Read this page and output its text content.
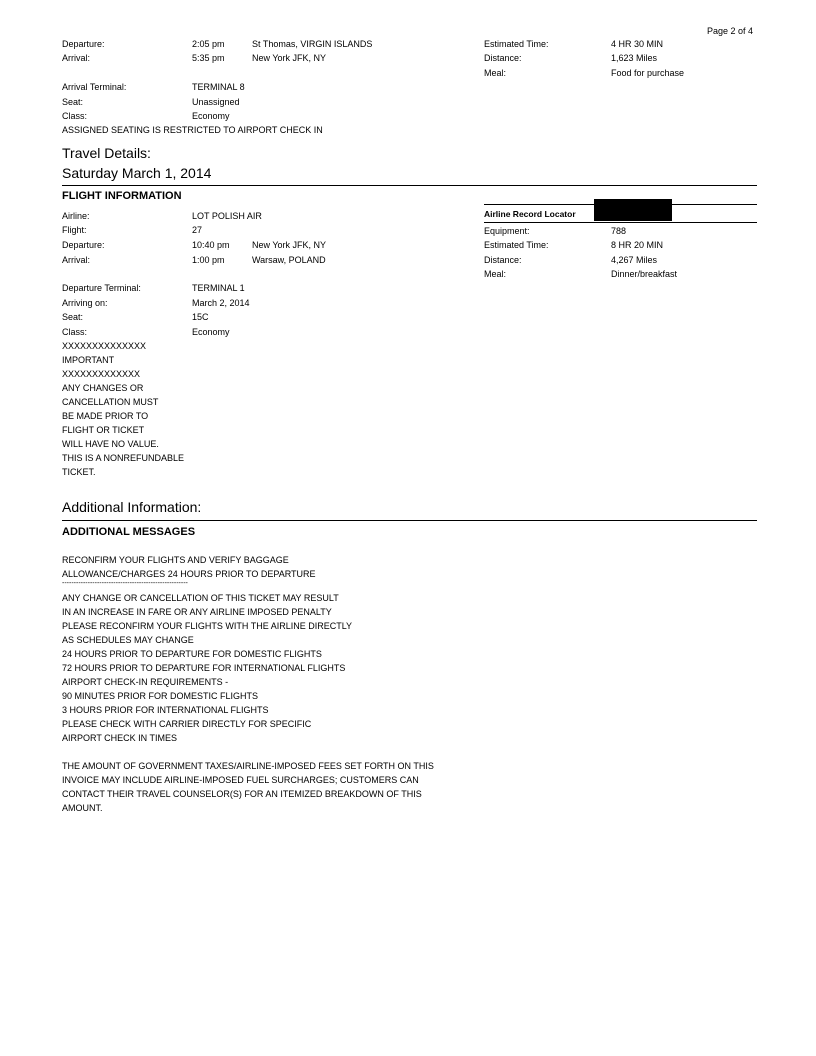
Page 2 of 4
Departure:	2:05 pm	St Thomas, VIRGIN ISLANDS
Arrival:	5:35 pm	New York JFK, NY
Estimated Time:	4 HR 30 MIN
Distance:	1,623 Miles
Meal:	Food for purchase
Arrival Terminal:	TERMINAL 8
Seat:	Unassigned
Class:	Economy
ASSIGNED SEATING IS RESTRICTED TO AIRPORT CHECK IN
Travel Details:
Saturday March 1, 2014
FLIGHT INFORMATION
Airline:	LOT POLISH AIR
Flight:	27
Departure:	10:40 pm New York JFK, NY
Arrival:	1:00 pm	Warsaw, POLAND
Airline Record Locator
Equipment:	788
Estimated Time:	8 HR 20 MIN
Distance:	4,267 Miles
Meal:	Dinner/breakfast
Departure Terminal:	TERMINAL 1
Arriving on:	March 2, 2014
Seat:	15C
Class:	Economy
XXXXXXXXXXXXXX
IMPORTANT
XXXXXXXXXXXXX
ANY CHANGES OR
CANCELLATION MUST
BE MADE PRIOR TO
FLIGHT OR TICKET
WILL HAVE NO VALUE.
THIS IS A NONREFUNDABLE
TICKET.
Additional Information:
ADDITIONAL MESSAGES
RECONFIRM YOUR FLIGHTS AND VERIFY BAGGAGE
ALLOWANCE/CHARGES 24 HOURS PRIOR TO DEPARTURE
------------------------------------------------------
ANY CHANGE OR CANCELLATION OF THIS TICKET MAY RESULT
IN AN INCREASE IN FARE OR ANY AIRLINE IMPOSED PENALTY
PLEASE RECONFIRM YOUR FLIGHTS WITH THE AIRLINE DIRECTLY
AS SCHEDULES MAY CHANGE
24 HOURS PRIOR TO DEPARTURE FOR DOMESTIC FLIGHTS
72 HOURS PRIOR TO DEPARTURE FOR INTERNATIONAL FLIGHTS
AIRPORT CHECK-IN REQUIREMENTS -
90 MINUTES PRIOR FOR DOMESTIC FLIGHTS
3 HOURS PRIOR FOR INTERNATIONAL FLIGHTS
PLEASE CHECK WITH CARRIER DIRECTLY FOR SPECIFIC
AIRPORT CHECK IN TIMES
THE AMOUNT OF GOVERNMENT TAXES/AIRLINE-IMPOSED FEES SET FORTH ON THIS
INVOICE MAY INCLUDE AIRLINE-IMPOSED FUEL SURCHARGES; CUSTOMERS CAN
CONTACT THEIR TRAVEL COUNSELOR(S) FOR AN ITEMIZED BREAKDOWN OF THIS
AMOUNT.
